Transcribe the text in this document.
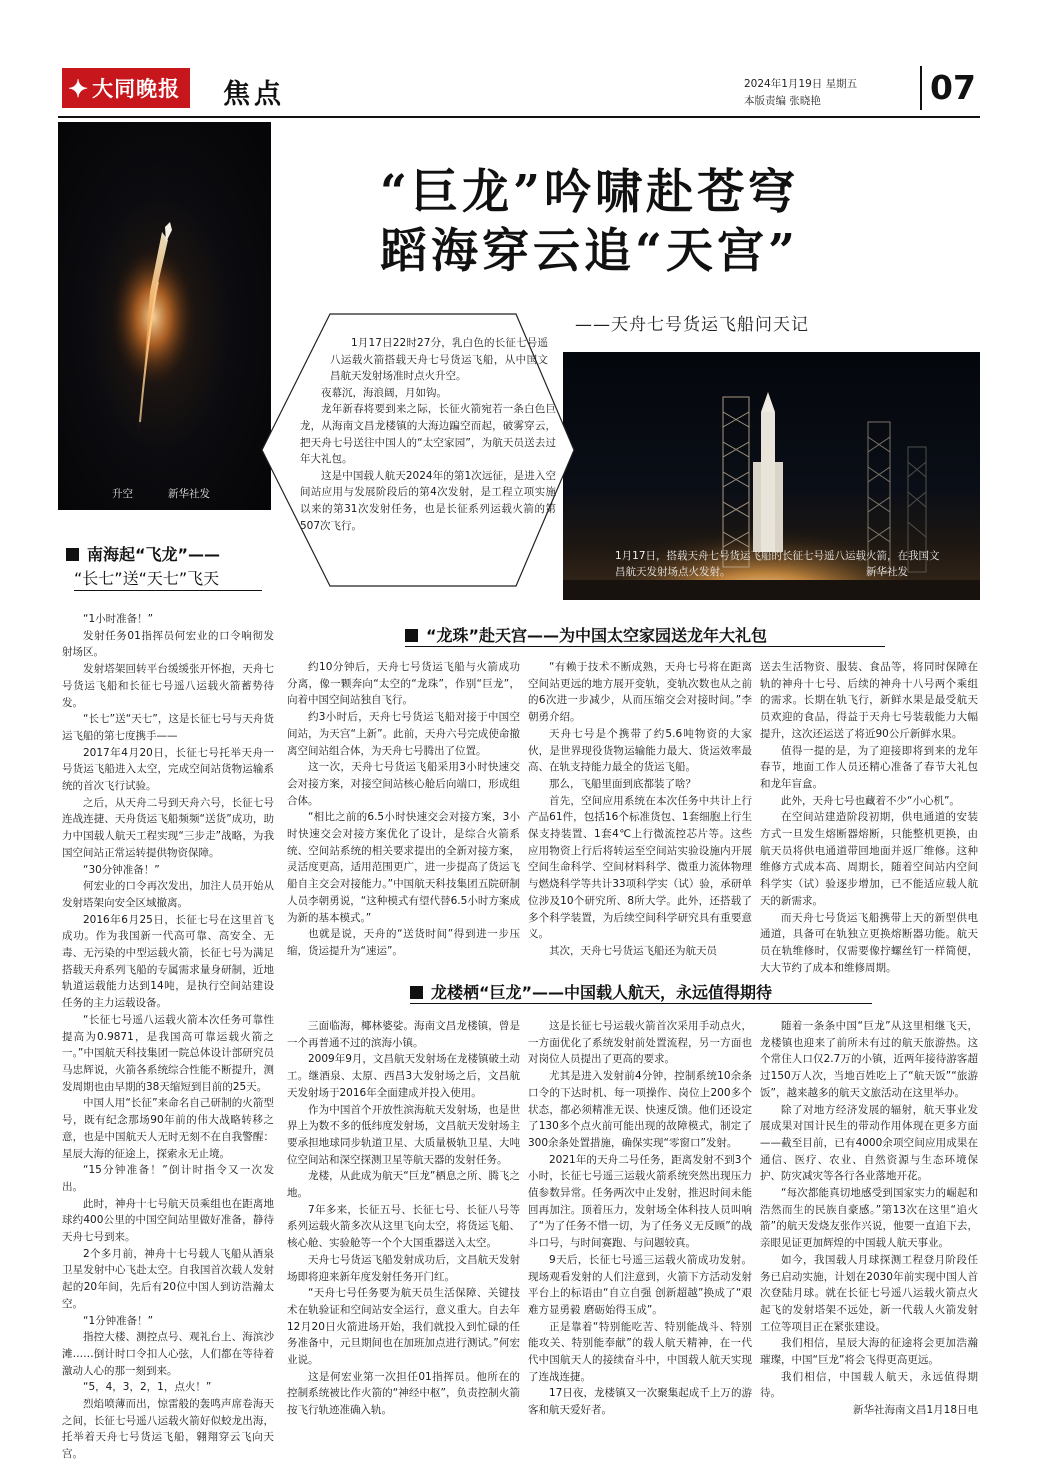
✦ 大同晚报 焦点	2024年1月19日 星期五
本版责编 张晓艳	07
升空	新华社发
“巨龙”吟啸赴苍穹
蹈海穿云追“天宫”
——天舟七号货运飞船问天记
1月17日，搭载天舟七号货运飞船的长征七号遥八运载火箭，在我国文昌航天发射场点火发射。	新华社发

1月17日22时27分，乳白色的长征七号遥八运载火箭搭载天舟七号货运飞船，从中国文昌航天发射场准时点火升空。

夜幕沉，海浪阔，月如钩。

龙年新春将要到来之际，长征火箭宛若一条白色巨龙，从海南文昌龙楼镇的大海边蹁空而起，破雾穿云，把天舟七号送往中国人的“太空家园”，为航天员送去过年大礼包。

这是中国载人航天2024年的第1次远征，是进入空间站应用与发展阶段后的第4次发射，是工程立项实施以来的第31次发射任务，也是长征系列运载火箭的第507次飞行。

南海起“飞龙”——
“长七”送“天七”飞天

“1小时准备！”

发射任务01指挥员何宏业的口令响彻发射场区。

发射塔架回转平台缓缓张开怀抱，天舟七号货运飞船和长征七号遥八运载火箭蓄势待发。

“长七”送“天七”，这是长征七号与天舟货运飞船的第七度携手——

2017年4月20日，长征七号托举天舟一号货运飞船进入太空，完成空间站货物运输系统的首次飞行试验。

之后，从天舟二号到天舟六号，长征七号连战连捷、天舟货运飞船频频“送货”成功，助力中国载人航天工程实现“三步走”战略，为我国空间站正常运转提供物资保障。

“30分钟准备！”

何宏业的口令再次发出，加注人员开始从发射塔架向安全区域撤离。

2016年6月25日，长征七号在这里首飞成功。作为我国新一代高可靠、高安全、无毒、无污染的中型运载火箭，长征七号为满足搭载天舟系列飞船的专属需求量身研制，近地轨道运载能力达到14吨，是执行空间站建设任务的主力运载设备。

“长征七号遥八运载火箭本次任务可靠性提高为0.9871，是我国高可靠运载火箭之一。”中国航天科技集团一院总体设计部研究员马忠辉说，火箭各系统综合性能不断提升，测发周期也由早期的38天缩短到目前的25天。

中国人用“长征”来命名自己研制的火箭型号，既有纪念那场90年前的伟大战略转移之意，也是中国航天人无时无刻不在自我警醒：星辰大海的征途上，探索永无止境。

“15分钟准备！”倒计时指令又一次发出。

此时，神舟十七号航天员乘组也在距离地球约400公里的中国空间站里做好准备，静待天舟七号到来。

2个多月前，神舟十七号载人飞船从酒泉卫星发射中心飞赴太空。自我国首次载人发射起的20年间，先后有20位中国人到访浩瀚太空。

“1分钟准备！”

指控大楼、测控点号、观礼台上、海滨沙滩……倒计时口令扣人心弦，人们都在等待着激动人心的那一刻到来。

“5，4，3，2，1，点火！”

烈焰喷薄而出，惊雷般的轰鸣声席卷海天之间，长征七号遥八运载火箭好似蛟龙出海，托举着天舟七号货运飞船，翱翔穿云飞向天宫。

“龙珠”赴天宫——为中国太空家园送龙年大礼包

约10分钟后，天舟七号货运飞船与火箭成功分离，像一颗奔向“太空的“龙珠”，作别“巨龙”，向着中国空间站独自飞行。

约3小时后，天舟七号货运飞船对接于中国空间站，为天宫“上新”。此前，天舟六号完成使命撤离空间站组合体，为天舟七号腾出了位置。

这一次，天舟七号货运飞船采用3小时快速交会对接方案，对接空间站核心舱后向端口，形成组合体。

“相比之前的6.5小时快速交会对接方案，3小时快速交会对接方案优化了设计，是综合火箭系统、空间站系统的相关要求提出的全新对接方案，灵活度更高，适用范围更广，进一步提高了货运飞船自主交会对接能力。”中国航天科技集团五院研制人员李朝勇说，“这种模式有望代替6.5小时方案成为新的基本模式。”

也就是说，天舟的“送货时间”得到进一步压缩，货运提升为“速运”。

“有赖于技术不断成熟，天舟七号将在距离空间站更远的地方展开变轨，变轨次数也从之前的6次进一步减少，从而压缩交会对接时间。”李朝勇介绍。

天舟七号是个携带了约5.6吨物资的大家伙，是世界现役货物运输能力最大、货运效率最高、在轨支持能力最全的货运飞船。

那么，飞船里面到底都装了啥？

首先，空间应用系统在本次任务中共计上行产品61件，包括16个标准货包、1套细胞上行生保支持装置、1套4℃上行微流控芯片等。这些应用物资上行后将转运至空间站实验设施内开展空间生命科学、空间材料科学、微重力流体物理与燃烧科学等共计33项科学实（试）验，承研单位涉及10个研究所、8所大学。此外，还搭载了多个科学装置，为后续空间科学研究具有重要意义。

其次，天舟七号货运飞船还为航天员

送去生活物资、服装、食品等，将同时保障在轨的神舟十七号、后续的神舟十八号两个乘组的需求。长期在轨飞行，新鲜水果是最受航天员欢迎的食品，得益于天舟七号装载能力大幅提升，这次还运送了将近90公斤新鲜水果。

值得一提的是，为了迎接即将到来的龙年春节，地面工作人员还精心准备了春节大礼包和龙年盲盒。

此外，天舟七号也藏着不少“小心机”。

在空间站建造阶段初期，供电通道的安装方式一旦发生熔断器熔断，只能整机更换，由航天员将供电通道带回地面并返厂维修。这种维修方式成本高、周期长，随着空间站内空间科学实（试）验逐步增加，已不能适应载人航天的新需求。

而天舟七号货运飞船携带上天的新型供电通道，具备可在轨独立更换熔断器功能。航天员在轨维修时，仅需要像拧螺丝钉一样简便，大大节约了成本和维修周期。

龙楼栖“巨龙”——中国载人航天，永远值得期待

三面临海，椰林婆娑。海南文昌龙楼镇，曾是一个再普通不过的滨海小镇。

2009年9月，文昌航天发射场在龙楼镇破土动工。继酒泉、太原、西昌3大发射场之后，文昌航天发射场于2016年全面建成并投入使用。

作为中国首个开放性滨海航天发射场，也是世界上为数不多的低纬度发射场，文昌航天发射场主要承担地球同步轨道卫星、大质量极轨卫星、大吨位空间站和深空探测卫星等航天器的发射任务。

龙楼，从此成为航天“巨龙”栖息之所、腾飞之地。

7年多来，长征五号、长征七号、长征八号等系列运载火箭多次从这里飞向太空，将货运飞船、核心舱、实验舱等一个个大国重器送入太空。

天舟七号货运飞船发射成功后，文昌航天发射场即将迎来新年度发射任务开门红。

“天舟七号任务要为航天员生活保障、关键技术在轨验证和空间站安全运行，意义重大。自去年12月20日火箭进场开始，我们就投入到忙碌的任务准备中，元旦期间也在加班加点进行测试。”何宏业说。

这是何宏业第一次担任01指挥员。他所在的控制系统被比作火箭的“神经中枢”，负责控制火箭按飞行轨迹准确入轨。

这是长征七号运载火箭首次采用手动点火，一方面优化了系统发射前处置流程，另一方面也对岗位人员提出了更高的要求。

尤其是进入发射前4分钟，控制系统10余条口令的下达时机、每一项操作、岗位上200多个状态，都必须精准无误、快速反馈。他们还设定了130多个点火前可能出现的故障模式，制定了300余条处置措施，确保实现“零窗口”发射。

2021年的天舟二号任务，距离发射不到3个小时，长征七号遥三运载火箭系统突然出现压力值参数异常。任务两次中止发射，推迟时间未能回再加注。顶着压力，发射场全体科技人员叫响了“为了任务不惜一切，为了任务义无反顾”的战斗口号，与时间赛跑、与问题较真。

9天后，长征七号遥三运载火箭成功发射。现场观看发射的人们注意到，火箭下方活动发射平台上的标语由“自立自强 创新超越”换成了“艰难方显勇毅 磨砺始得玉成”。

正是靠着“特别能吃苦、特别能战斗、特别能攻关、特别能奉献”的载人航天精神，在一代代中国航天人的接续奋斗中，中国载人航天实现了连战连捷。

17日夜，龙楼镇又一次聚集起成千上万的游客和航天爱好者。

随着一条条中国“巨龙”从这里相继飞天，龙楼镇也迎来了前所未有过的航天旅游热。这个常住人口仅2.7万的小镇，近两年接待游客超过150万人次，当地百姓吃上了“航天饭”“旅游饭”，越来越多的航天文旅活动在这里举办。

除了对地方经济发展的辐射，航天事业发展成果对国计民生的带动作用体现在更多方面——截至目前，已有4000余项空间应用成果在通信、医疗、农业、自然资源与生态环境保护、防灾减灾等各行各业落地开花。

“每次都能真切地感受到国家实力的崛起和浩然而生的民族自豪感。”第13次在这里“追火箭”的航天发烧友张作兴说，他要一直追下去，亲眼见证更加辉煌的中国载人航天事业。

如今，我国载人月球探测工程登月阶段任务已启动实施，计划在2030年前实现中国人首次登陆月球。就在长征七号遥八运载火箭点火起飞的发射塔架不远处，新一代载人火箭发射工位等项目正在紧张建设。

我们相信，星辰大海的征途将会更加浩瀚璀璨，中国“巨龙”将会飞得更高更远。

我们相信，中国载人航天，永远值得期待。

新华社海南文昌1月18日电
